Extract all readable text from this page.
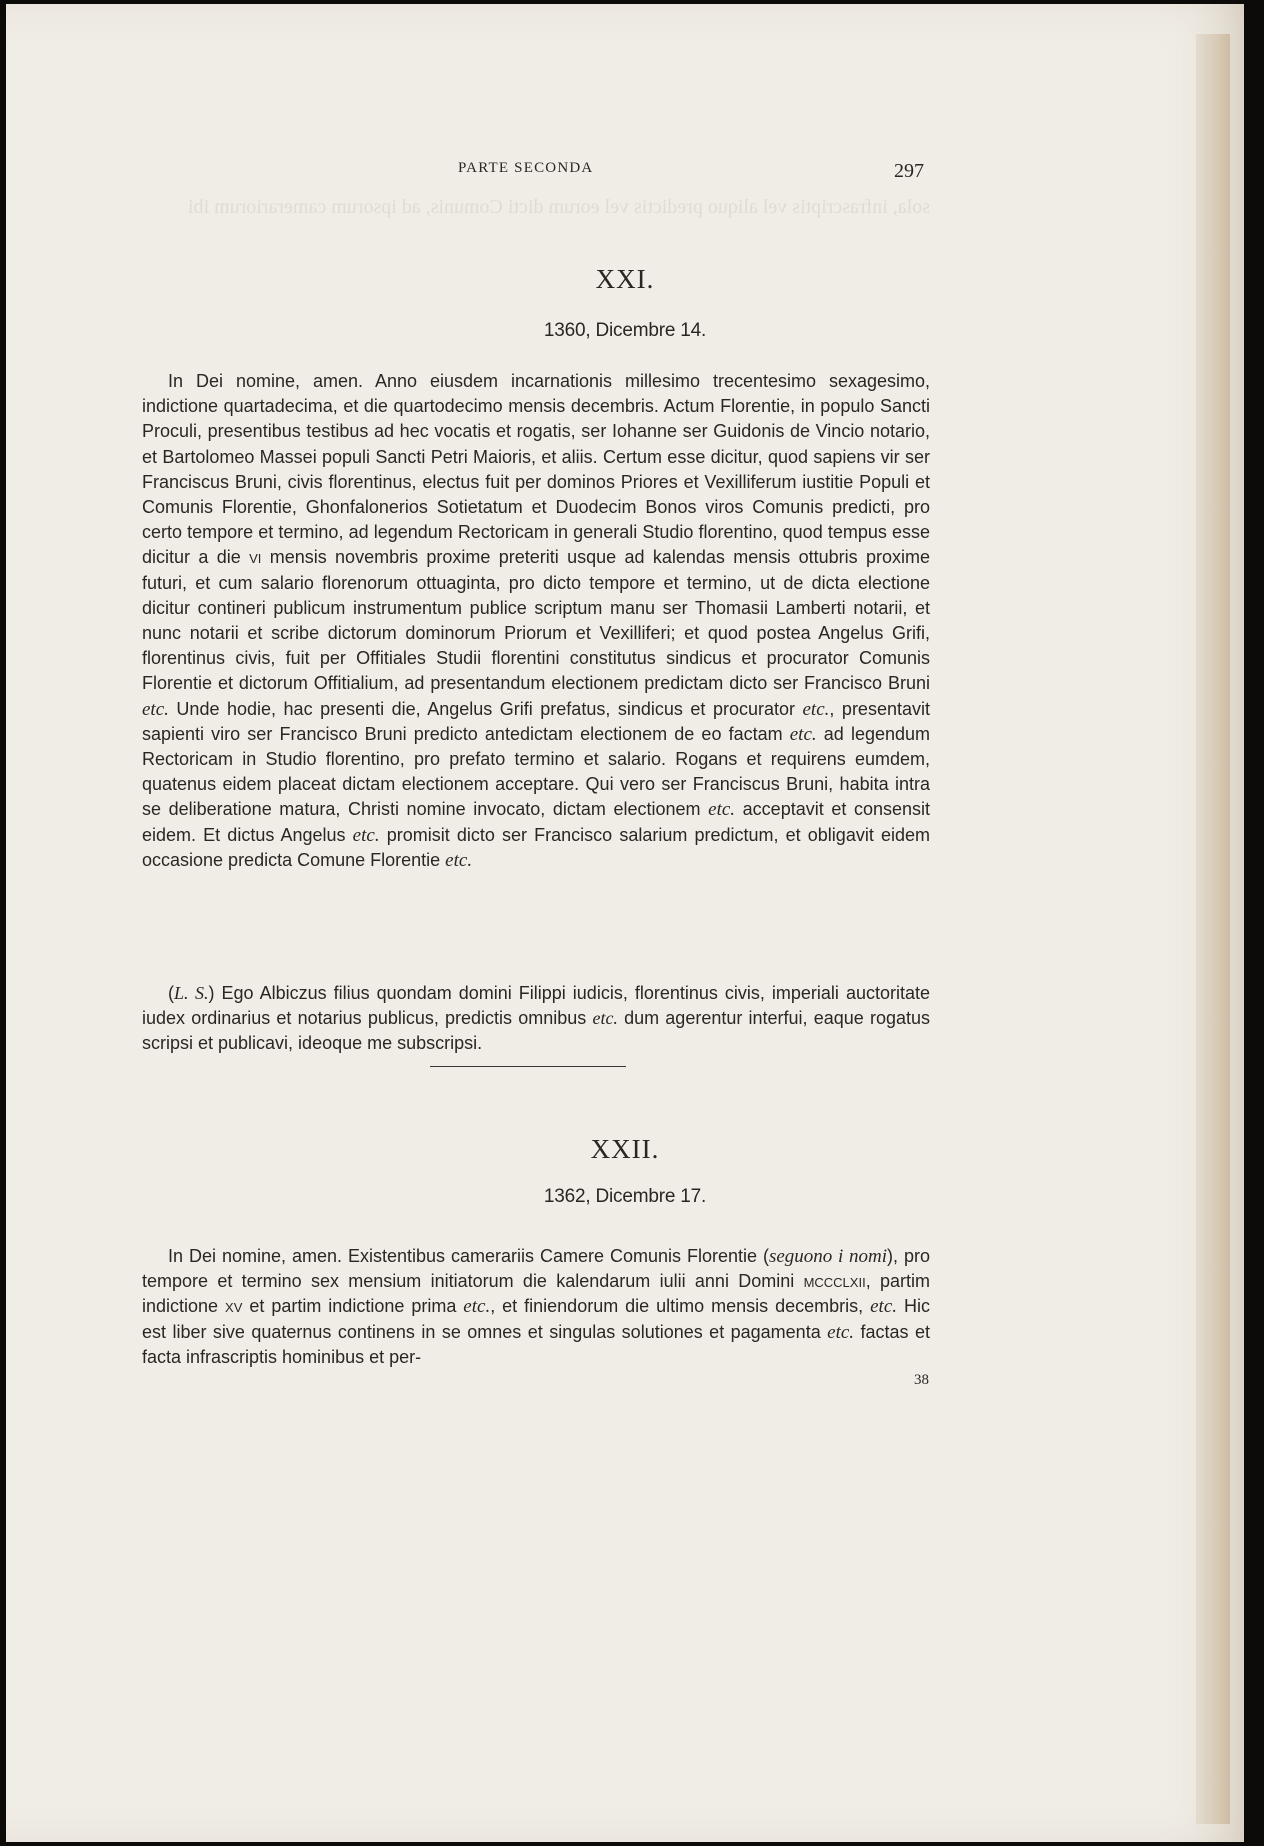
sola, infrascriptis vel aliquo predictis vel eorum dicti Comunis, ad ipsorum camerariorum ibi
PARTE SECONDA	297
XXI.
1360, Dicembre 14.

In Dei nomine, amen. Anno eiusdem incarnationis millesimo trecentesimo sexagesimo, indictione quartadecima, et die quartodecimo mensis decembris. Actum Florentie, in populo Sancti Proculi, presentibus testibus ad hec vocatis et rogatis, ser Iohanne ser Guidonis de Vincio notario, et Bartolomeo Massei populi Sancti Petri Maioris, et aliis. Certum esse dicitur, quod sapiens vir ser Franciscus Bruni, civis florentinus, electus fuit per dominos Priores et Vexilliferum iustitie Populi et Comunis Florentie, Ghonfalonerios Sotietatum et Duodecim Bonos viros Comunis predicti, pro certo tempore et termino, ad legendum Rectoricam in generali Studio florentino, quod tempus esse dicitur a die vi mensis novembris proxime preteriti usque ad kalendas mensis ottubris proxime futuri, et cum salario florenorum ottuaginta, pro dicto tempore et termino, ut de dicta electione dicitur contineri publicum instrumentum publice scriptum manu ser Thomasii Lamberti notarii, et nunc notarii et scribe dictorum dominorum Priorum et Vexilliferi; et quod postea Angelus Grifi, florentinus civis, fuit per Offitiales Studii florentini constitutus sindicus et procurator Comunis Florentie et dictorum Offitialium, ad presentandum electionem predictam dicto ser Francisco Bruni etc. Unde hodie, hac presenti die, Angelus Grifi prefatus, sindicus et procurator etc., presentavit sapienti viro ser Francisco Bruni predicto antedictam electionem de eo factam etc. ad legendum Rectoricam in Studio florentino, pro prefato termino et salario. Rogans et requirens eumdem, quatenus eidem placeat dictam electionem acceptare. Qui vero ser Franciscus Bruni, habita intra se deliberatione matura, Christi nomine invocato, dictam electionem etc. acceptavit et consensit eidem. Et dictus Angelus etc. promisit dicto ser Francisco salarium predictum, et obligavit eidem occasione predicta Comune Florentie etc.

(L. S.) Ego Albiczus filius quondam domini Filippi iudicis, florentinus civis, imperiali auctoritate iudex ordinarius et notarius publicus, predictis omnibus etc. dum agerentur interfui, eaque rogatus scripsi et publicavi, ideoque me subscripsi.

XXII.
1362, Dicembre 17.

In Dei nomine, amen. Existentibus camerariis Camere Comunis Florentie (seguono i nomi), pro tempore et termino sex mensium initiatorum die kalendarum iulii anni Domini mccclxii, partim indictione xv et partim indictione prima etc., et finiendorum die ultimo mensis decembris, etc. Hic est liber sive quaternus continens in se omnes et singulas solutiones et pagamenta etc. factas et facta infrascriptis hominibus et per-

38
